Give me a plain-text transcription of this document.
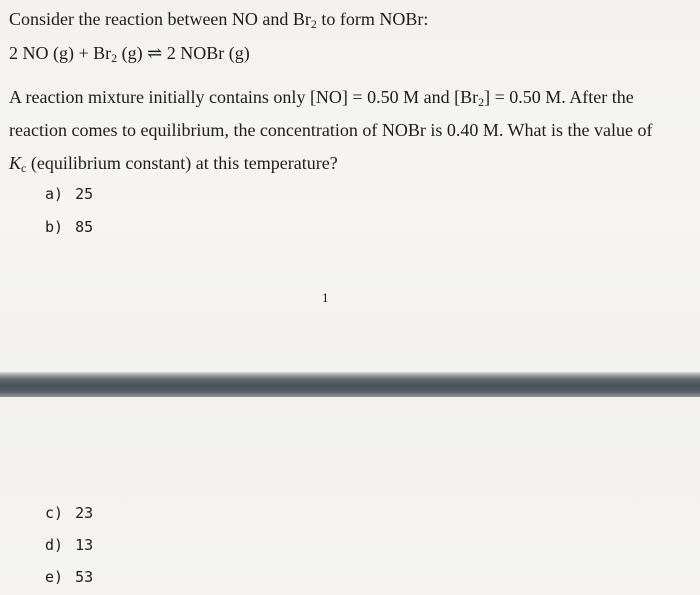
Consider the reaction between NO and $Br_2$ to form NOBr:
2 NO $(g) + Br_2$ (g) ⇌ 2 NOBr (g)
A reaction mixture initially contains only [NO] = 0.50 M and $[Br_2] = 0.50$ M. After the
reaction comes to equilibrium, the concentration of NOBr is 0.40 M. What is the value of
$K_c$ (equilibrium constant) at this temperature?
a) 25
b) 85
1
c) 23
d) 13
e) 53
